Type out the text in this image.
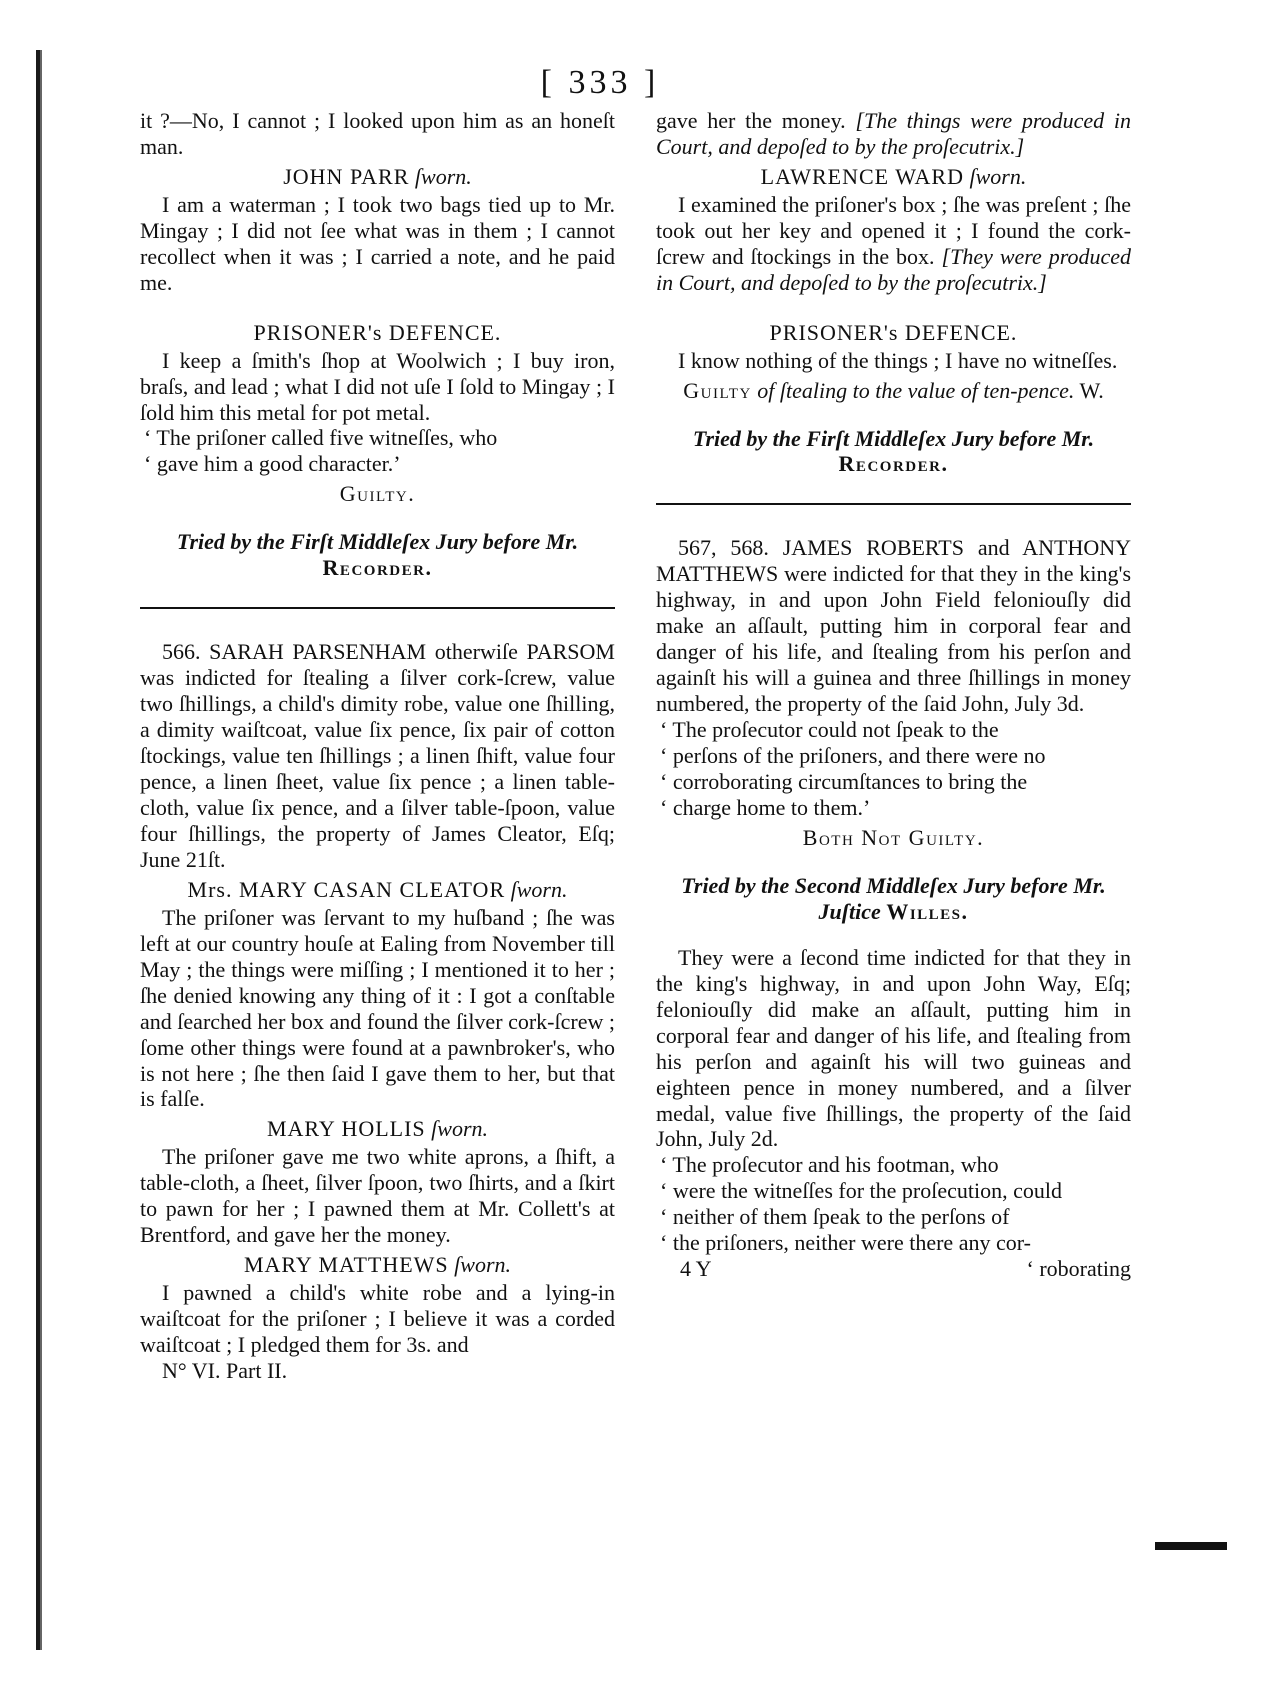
[ 333 ]

it ?—No, I cannot ; I looked upon him as an honeſt man.

JOHN PARR ſworn.

I am a waterman ; I took two bags tied up to Mr. Mingay ; I did not ſee what was in them ; I cannot recollect when it was ; I carried a note, and he paid me.

PRISONER's DEFENCE.

I keep a ſmith's ſhop at Woolwich ; I buy iron, braſs, and lead ; what I did not uſe I ſold to Mingay ; I ſold him this metal for pot metal.

‘ The priſoner called five witneſſes, who

‘ gave him a good character.’

Guilty.
Tried by the Firſt Middleſex Jury before Mr.
Recorder.

566. SARAH PARSENHAM otherwiſe PARSOM was indicted for ſtealing a ſilver cork-ſcrew, value two ſhillings, a child's dimity robe, value one ſhilling, a dimity waiſtcoat, value ſix pence, ſix pair of cotton ſtockings, value ten ſhillings ; a linen ſhift, value four pence, a linen ſheet, value ſix pence ; a linen table-cloth, value ſix pence, and a ſilver table-ſpoon, value four ſhillings, the property of James Cleator, Eſq; June 21ſt.

Mrs. MARY CASAN CLEATOR ſworn.

The priſoner was ſervant to my huſband ; ſhe was left at our country houſe at Ealing from November till May ; the things were miſſing ; I mentioned it to her ; ſhe denied knowing any thing of it : I got a conſtable and ſearched her box and found the ſilver cork-ſcrew ; ſome other things were found at a pawnbroker's, who is not here ; ſhe then ſaid I gave them to her, but that is falſe.

MARY HOLLIS ſworn.

The priſoner gave me two white aprons, a ſhift, a table-cloth, a ſheet, ſilver ſpoon, two ſhirts, and a ſkirt to pawn for her ; I pawned them at Mr. Collett's at Brentford, and gave her the money.

MARY MATTHEWS ſworn.

I pawned a child's white robe and a lying-in waiſtcoat for the priſoner ; I believe it was a corded waiſtcoat ; I pledged them for 3s. and

N° VI. Part II.

gave her the money. [The things were produced in Court, and depoſed to by the proſecutrix.]

LAWRENCE WARD ſworn.

I examined the priſoner's box ; ſhe was preſent ; ſhe took out her key and opened it ; I found the cork-ſcrew and ſtockings in the box. [They were produced in Court, and depoſed to by the proſecutrix.]

PRISONER's DEFENCE.

I know nothing of the things ; I have no witneſſes.

Guilty of ſtealing to the value of ten-pence. W.
Tried by the Firſt Middleſex Jury before Mr.
Recorder.

567, 568. JAMES ROBERTS and ANTHONY MATTHEWS were indicted for that they in the king's highway, in and upon John Field feloniouſly did make an aſſault, putting him in corporal fear and danger of his life, and ſtealing from his perſon and againſt his will a guinea and three ſhillings in money numbered, the property of the ſaid John, July 3d.

‘ The proſecutor could not ſpeak to the

‘ perſons of the priſoners, and there were no

‘ corroborating circumſtances to bring the

‘ charge home to them.’

Both Not Guilty.
Tried by the Second Middleſex Jury before Mr.
Juſtice Willes.

They were a ſecond time indicted for that they in the king's highway, in and upon John Way, Eſq; feloniouſly did make an aſſault, putting him in corporal fear and danger of his life, and ſtealing from his perſon and againſt his will two guineas and eighteen pence in money numbered, and a ſilver medal, value five ſhillings, the property of the ſaid John, July 2d.

‘ The proſecutor and his footman, who

‘ were the witneſſes for the proſecution, could

‘ neither of them ſpeak to the perſons of

‘ the priſoners, neither were there any cor-

4 Y	‘ roborating
